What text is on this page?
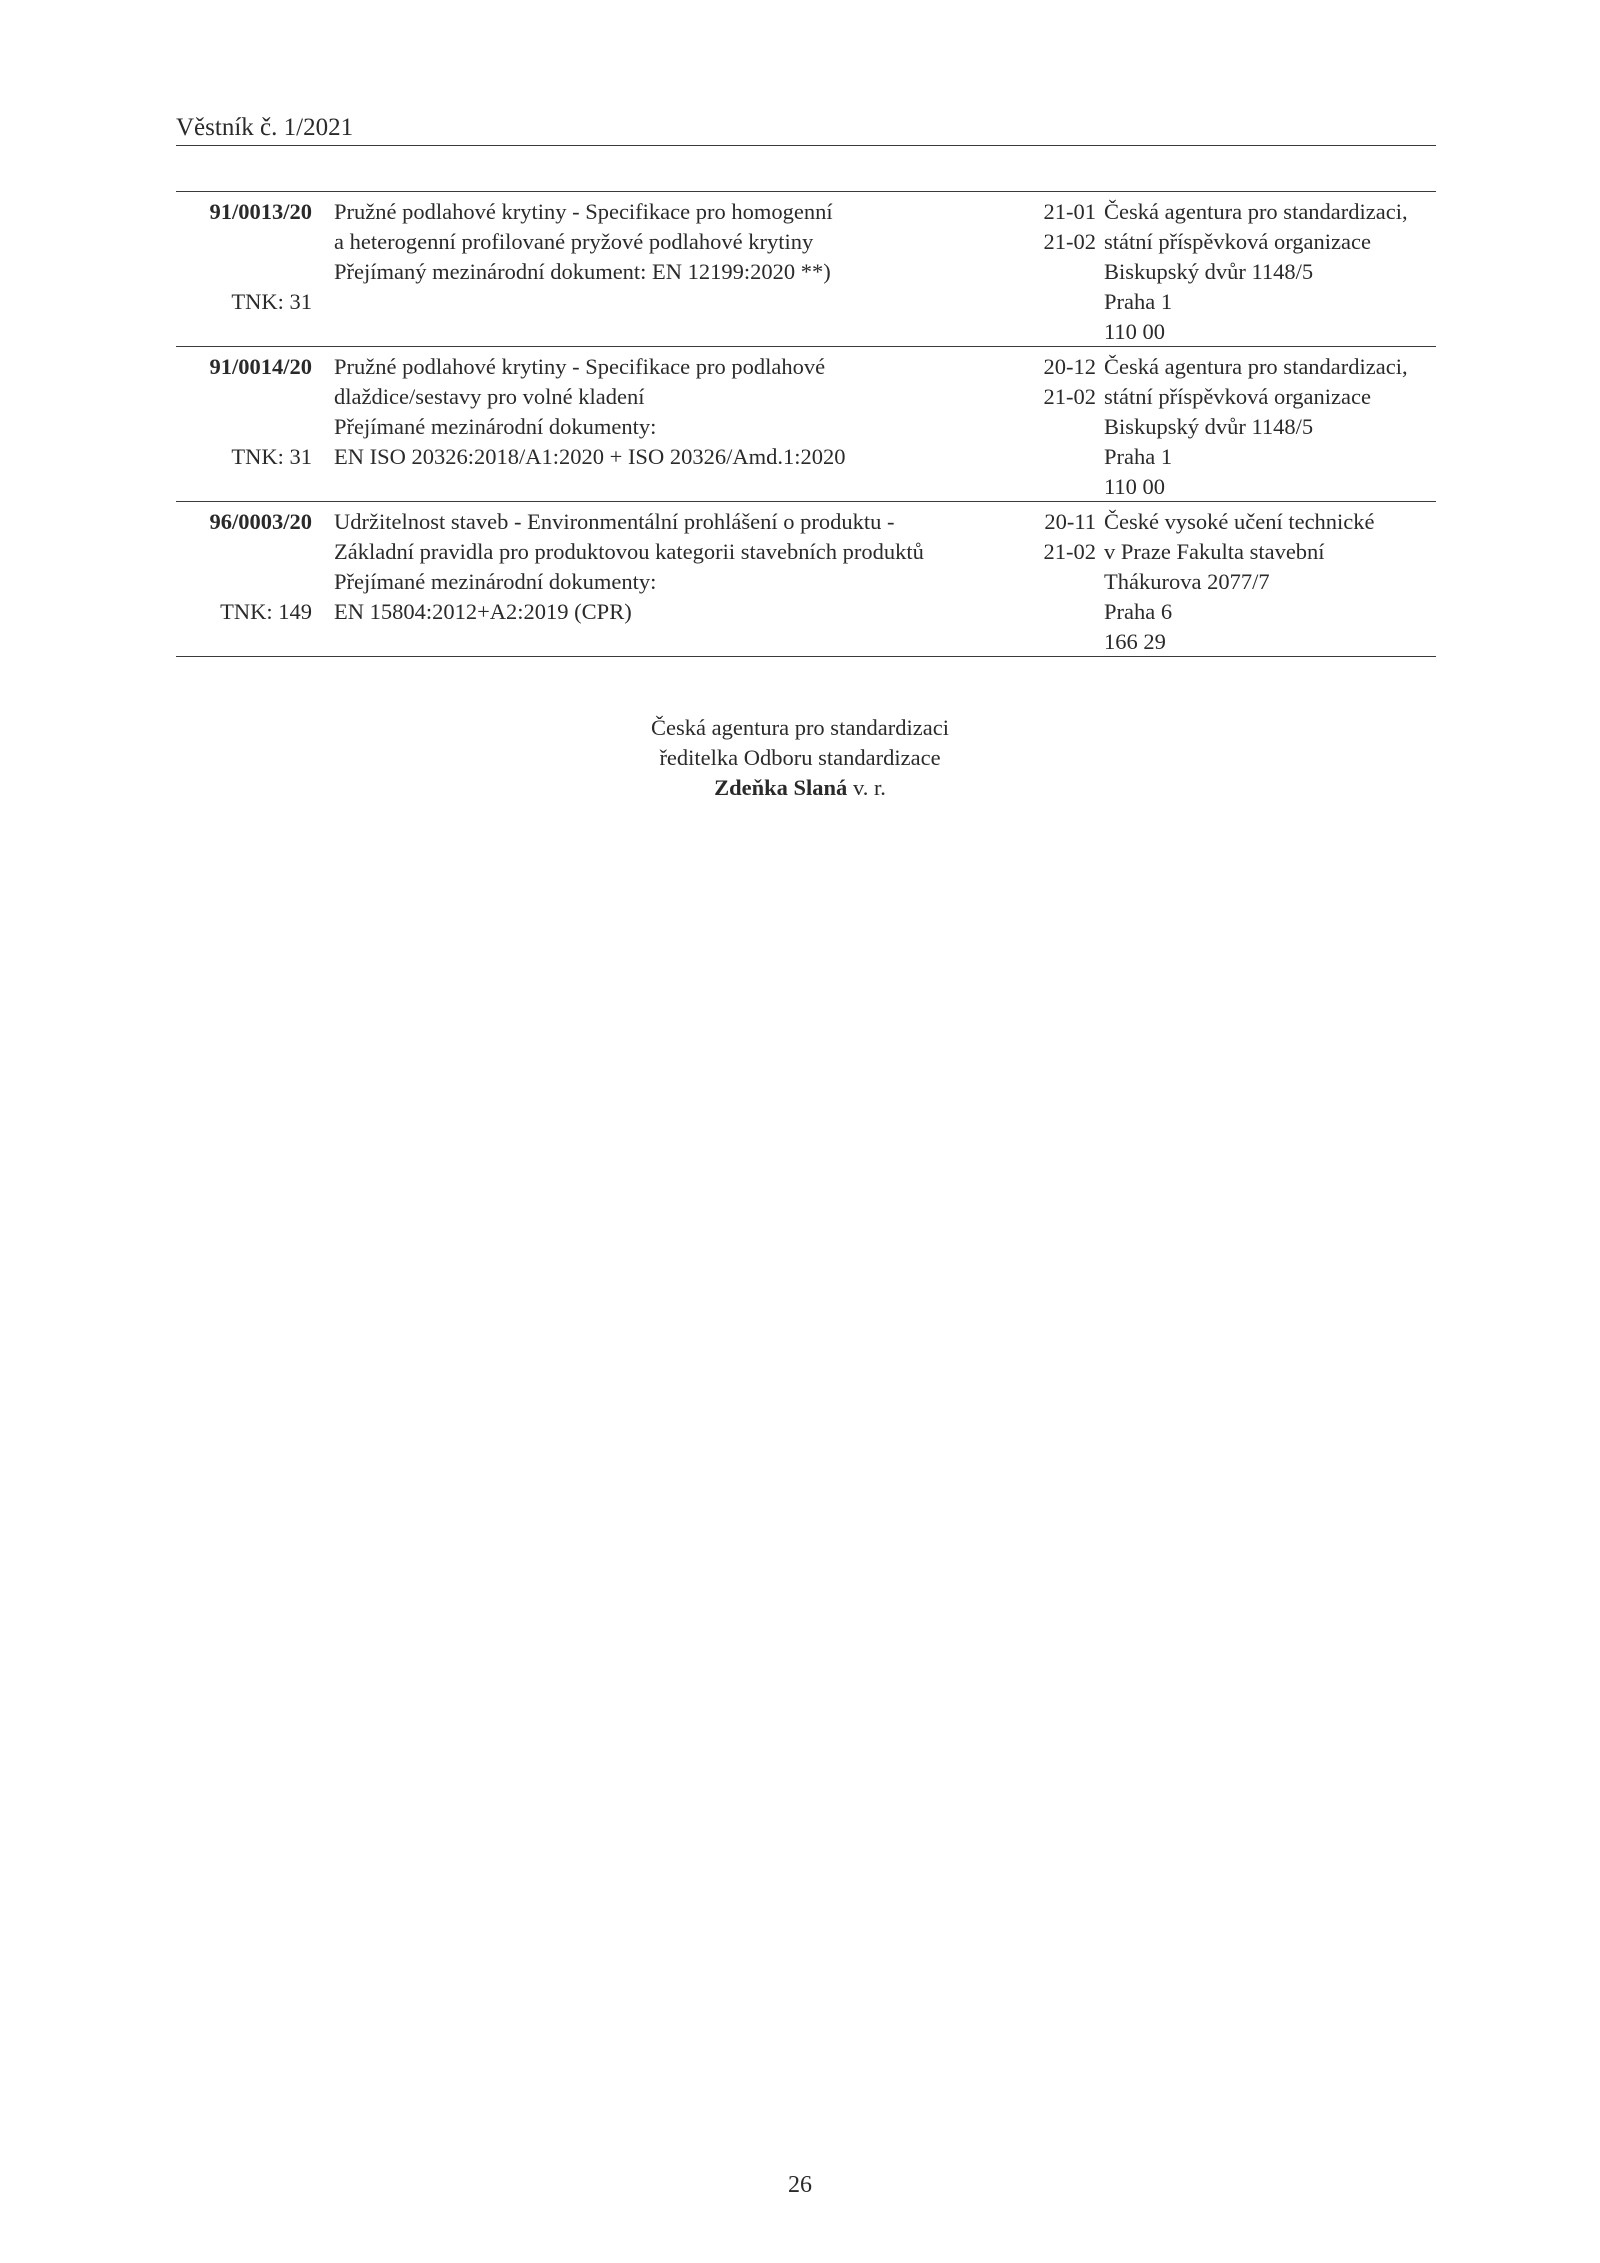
Věstník č. 1/2021
91/0013/20
TNK: 31
Pružné podlahové krytiny - Specifikace pro homogenní
a heterogenní profilované pryžové podlahové krytiny
Přejímaný mezinárodní dokument: EN 12199:2020 **)
21-01
21-02
Česká agentura pro standardizaci,
státní příspěvková organizace
Biskupský dvůr 1148/5
Praha 1
110 00
91/0014/20
TNK: 31
Pružné podlahové krytiny - Specifikace pro podlahové
dlaždice/sestavy pro volné kladení
Přejímané mezinárodní dokumenty:
EN ISO 20326:2018/A1:2020 + ISO 20326/Amd.1:2020
20-12
21-02
Česká agentura pro standardizaci,
státní příspěvková organizace
Biskupský dvůr 1148/5
Praha 1
110 00
96/0003/20
TNK: 149
Udržitelnost staveb - Environmentální prohlášení o produktu -
Základní pravidla pro produktovou kategorii stavebních produktů
Přejímané mezinárodní dokumenty:
EN 15804:2012+A2:2019 (CPR)
20-11
21-02
České vysoké učení technické
v Praze Fakulta stavební
Thákurova 2077/7
Praha 6
166 29
Česká agentura pro standardizaci
ředitelka Odboru standardizace
Zdeňka Slaná v. r.
26
